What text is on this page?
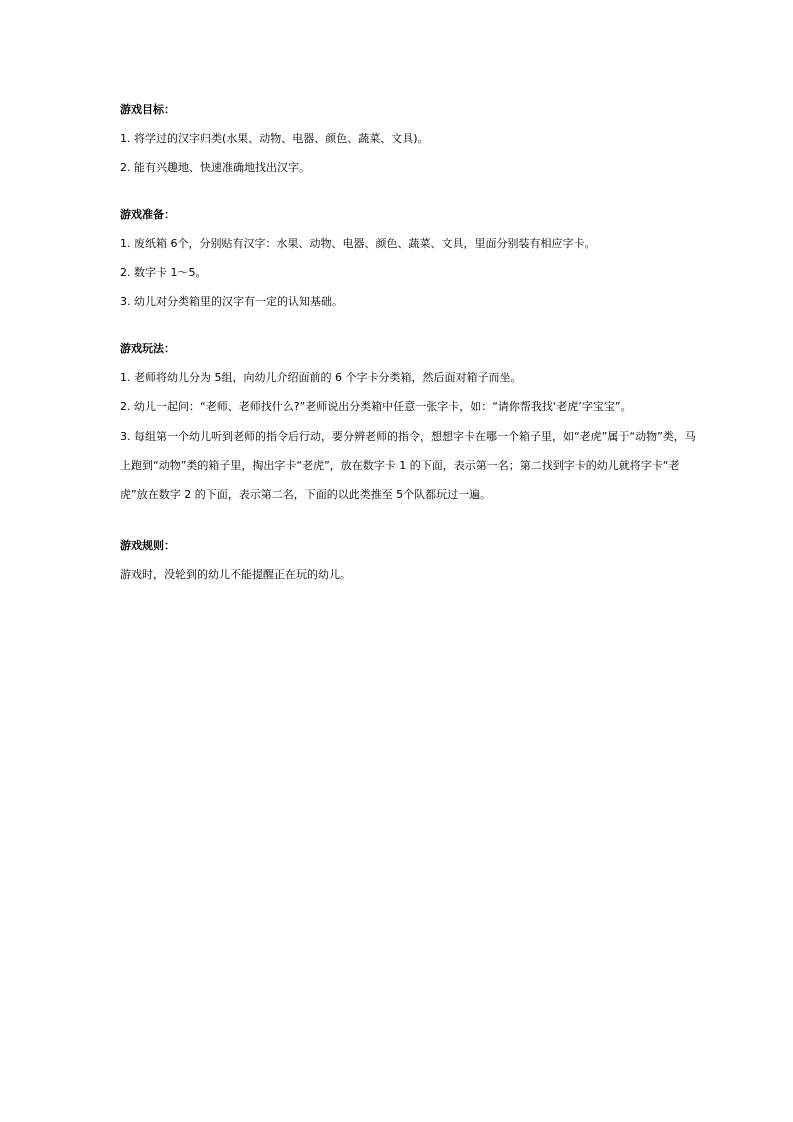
游戏目标：
1. 将学过的汉字归类(水果、动物、电器、颜色、蔬菜、文具)。
2. 能有兴趣地、快速准确地找出汉字。
游戏准备：
1. 废纸箱 6个，分别贴有汉字：水果、动物、电器、颜色、蔬菜、文具，里面分别装有相应字卡。
2. 数字卡 1～5。
3. 幼儿对分类箱里的汉字有一定的认知基础。
游戏玩法：
1. 老师将幼儿分为 5组，向幼儿介绍面前的 6 个字卡分类箱，然后面对箱子而坐。
2. 幼儿一起问：“老师、老师找什么?”老师说出分类箱中任意一张字卡，如：“请你帮我找‘老虎’字宝宝”。
3. 每组第一个幼儿听到老师的指令后行动，要分辨老师的指令，想想字卡在哪一个箱子里，如“老虎”属于“动物”类，马上跑到“动物”类的箱子里，掏出字卡“老虎”，放在数字卡 1 的下面，表示第一名；第二找到字卡的幼儿就将字卡“老虎”放在数字 2 的下面，表示第二名，下面的以此类推至 5个队都玩过一遍。
游戏规则：
游戏时，没轮到的幼儿不能提醒正在玩的幼儿。
